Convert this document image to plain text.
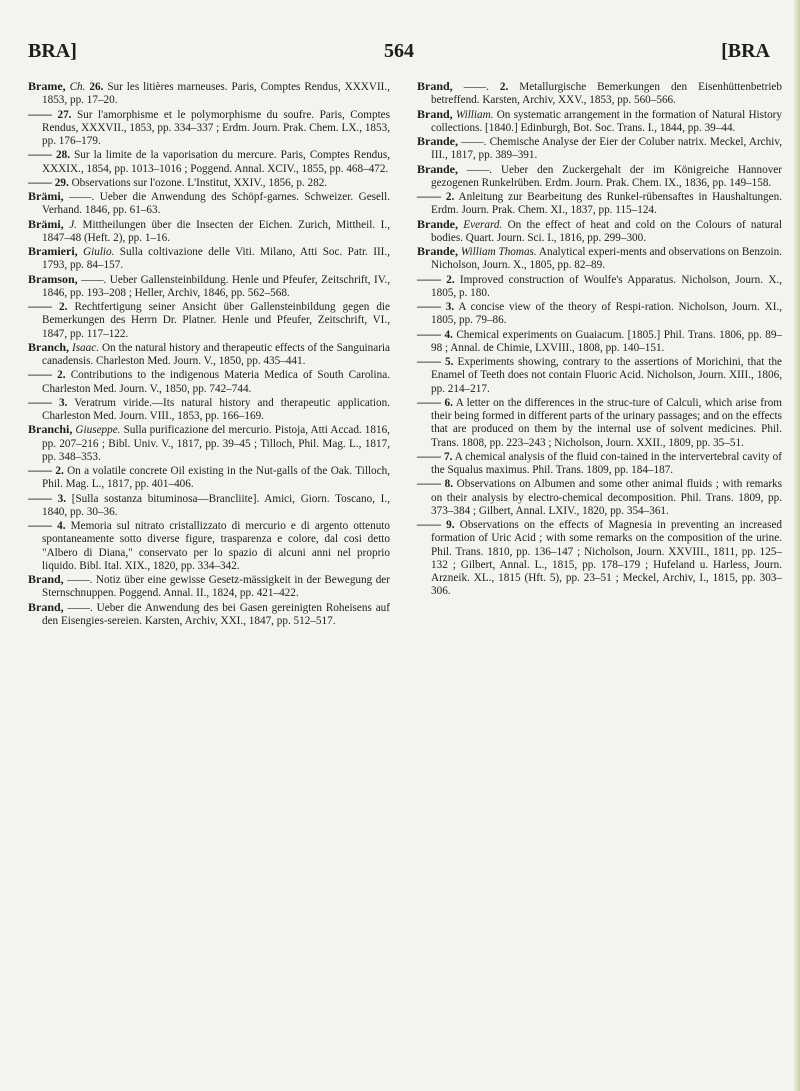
BRA]	564	[BRA

Brame, Ch. 26. Sur les litières marneuses. Paris, Comptes Rendus, XXXVII., 1853, pp. 17–20.

—— 27. Sur l'amorphisme et le polymorphisme du soufre. Paris, Comptes Rendus, XXXVII., 1853, pp. 334–337 ; Erdm. Journ. Prak. Chem. LX., 1853, pp. 176–179.

—— 28. Sur la limite de la vaporisation du mercure. Paris, Comptes Rendus, XXXIX., 1854, pp. 1013–1016 ; Poggend. Annal. XCIV., 1855, pp. 468–472.

—— 29. Observations sur l'ozone. L'Institut, XXIV., 1856, p. 282.

Brämi, ——. Ueber die Anwendung des Schöpf-garnes. Schweizer. Gesell. Verhand. 1846, pp. 61–63.

Brämi, J. Mittheilungen über die Insecten der Eichen. Zurich, Mittheil. I., 1847–48 (Heft. 2), pp. 1–16.

Bramieri, Giulio. Sulla coltivazione delle Viti. Milano, Atti Soc. Patr. III., 1793, pp. 84–157.

Bramson, ——. Ueber Gallensteinbildung. Henle und Pfeufer, Zeitschrift, IV., 1846, pp. 193–208 ; Heller, Archiv, 1846, pp. 562–568.

—— 2. Rechtfertigung seiner Ansicht über Gallensteinbildung gegen die Bemerkungen des Herrn Dr. Platner. Henle und Pfeufer, Zeitschrift, VI., 1847, pp. 117–122.

Branch, Isaac. On the natural history and therapeutic effects of the Sanguinaria canadensis. Charleston Med. Journ. V., 1850, pp. 435–441.

—— 2. Contributions to the indigenous Materia Medica of South Carolina. Charleston Med. Journ. V., 1850, pp. 742–744.

—— 3. Veratrum viride.—Its natural history and therapeutic application. Charleston Med. Journ. VIII., 1853, pp. 166–169.

Branchi, Giuseppe. Sulla purificazione del mercurio. Pistoja, Atti Accad. 1816, pp. 207–216 ; Bibl. Univ. V., 1817, pp. 39–45 ; Tilloch, Phil. Mag. L., 1817, pp. 348–353.

—— 2. On a volatile concrete Oil existing in the Nut-galls of the Oak. Tilloch, Phil. Mag. L., 1817, pp. 401–406.

—— 3. [Sulla sostanza bituminosa—Brancliite]. Amici, Giorn. Toscano, I., 1840, pp. 30–36.

—— 4. Memoria sul nitrato cristallizzato di mercurio e di argento ottenuto spontaneamente sotto diverse figure, trasparenza e colore, dal cosi detto "Albero di Diana," conservato per lo spazio di alcuni anni nel proprio liquido. Bibl. Ital. XIX., 1820, pp. 334–342.

Brand, ——. Notiz über eine gewisse Gesetz-mässigkeit in der Bewegung der Sternschnuppen. Poggend. Annal. II., 1824, pp. 421–422.

Brand, ——. Ueber die Anwendung des bei Gasen gereinigten Roheisens auf den Eisengies-sereien. Karsten, Archiv, XXI., 1847, pp. 512–517.

Brand, ——. 2. Metallurgische Bemerkungen den Eisenhüttenbetrieb betreffend. Karsten, Archiv, XXV., 1853, pp. 560–566.

Brand, William. On systematic arrangement in the formation of Natural History collections. [1840.] Edinburgh, Bot. Soc. Trans. I., 1844, pp. 39–44.

Brande, ——. Chemische Analyse der Eier der Coluber natrix. Meckel, Archiv, III., 1817, pp. 389–391.

Brande, ——. Ueber den Zuckergehalt der im Königreiche Hannover gezogenen Runkelrüben. Erdm. Journ. Prak. Chem. IX., 1836, pp. 149–158.

—— 2. Anleitung zur Bearbeitung des Runkel-rübensaftes in Haushaltungen. Erdm. Journ. Prak. Chem. XI., 1837, pp. 115–124.

Brande, Everard. On the effect of heat and cold on the Colours of natural bodies. Quart. Journ. Sci. I., 1816, pp. 299–300.

Brande, William Thomas. Analytical experi-ments and observations on Benzoin. Nicholson, Journ. X., 1805, pp. 82–89.

—— 2. Improved construction of Woulfe's Apparatus. Nicholson, Journ. X., 1805, p. 180.

—— 3. A concise view of the theory of Respi-ration. Nicholson, Journ. XI., 1805, pp. 79–86.

—— 4. Chemical experiments on Guaiacum. [1805.] Phil. Trans. 1806, pp. 89–98 ; Annal. de Chimie, LXVIII., 1808, pp. 140–151.

—— 5. Experiments showing, contrary to the assertions of Morichini, that the Enamel of Teeth does not contain Fluoric Acid. Nicholson, Journ. XIII., 1806, pp. 214–217.

—— 6. A letter on the differences in the struc-ture of Calculi, which arise from their being formed in different parts of the urinary passages; and on the effects that are produced on them by the internal use of solvent medicines. Phil. Trans. 1808, pp. 223–243 ; Nicholson, Journ. XXII., 1809, pp. 35–51.

—— 7. A chemical analysis of the fluid con-tained in the intervertebral cavity of the Squalus maximus. Phil. Trans. 1809, pp. 184–187.

—— 8. Observations on Albumen and some other animal fluids ; with remarks on their analysis by electro-chemical decomposition. Phil. Trans. 1809, pp. 373–384 ; Gilbert, Annal. LXIV., 1820, pp. 354–361.

—— 9. Observations on the effects of Magnesia in preventing an increased formation of Uric Acid ; with some remarks on the composition of the urine. Phil. Trans. 1810, pp. 136–147 ; Nicholson, Journ. XXVIII., 1811, pp. 125–132 ; Gilbert, Annal. L., 1815, pp. 178–179 ; Hufeland u. Harless, Journ. Arzneik. XL., 1815 (Hft. 5), pp. 23–51 ; Meckel, Archiv, I., 1815, pp. 303–306.
